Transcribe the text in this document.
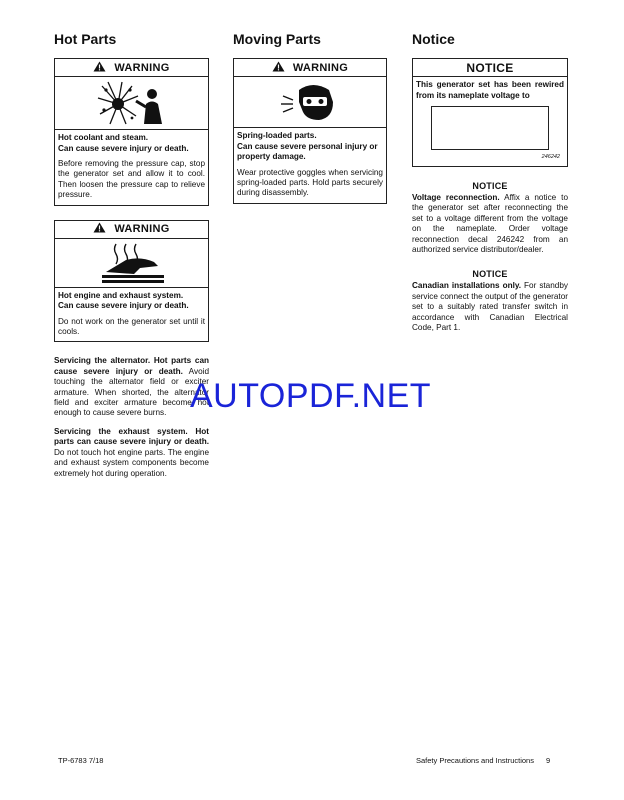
Hot Parts
WARNING

Hot coolant and steam.

Can cause severe injury or death.

Before removing the pressure cap, stop the generator set and allow it to cool. Then loosen the pressure cap to relieve pressure.

WARNING

Hot engine and exhaust system.

Can cause severe injury or death.

Do not work on the generator set until it cools.

Servicing the alternator. Hot parts can cause severe injury or death. Avoid touching the alternator field or exciter armature. When shorted, the alternator field and exciter armature become hot enough to cause severe burns.

Servicing the exhaust system. Hot parts can cause severe injury or death. Do not touch hot engine parts. The engine and exhaust system components become extremely hot during operation.

Moving Parts
WARNING

Spring-loaded parts.

Can cause severe personal injury or property damage.

Wear protective goggles when servicing spring-loaded parts. Hold parts securely during disassembly.

Notice
NOTICE

This generator set has been rewired from its nameplate voltage to

246242

NOTICE

Voltage reconnection. Affix a notice to the generator set after reconnecting the set to a voltage different from the voltage on the nameplate. Order voltage reconnection decal 246242 from an authorized service distributor/dealer.

NOTICE

Canadian installations only. For standby service connect the output of the generator set to a suitably rated transfer switch in accordance with Canadian Electrical Code, Part 1.

AUTOPDF.NET
TP-6783 7/18	Safety Precautions and Instructions 9
